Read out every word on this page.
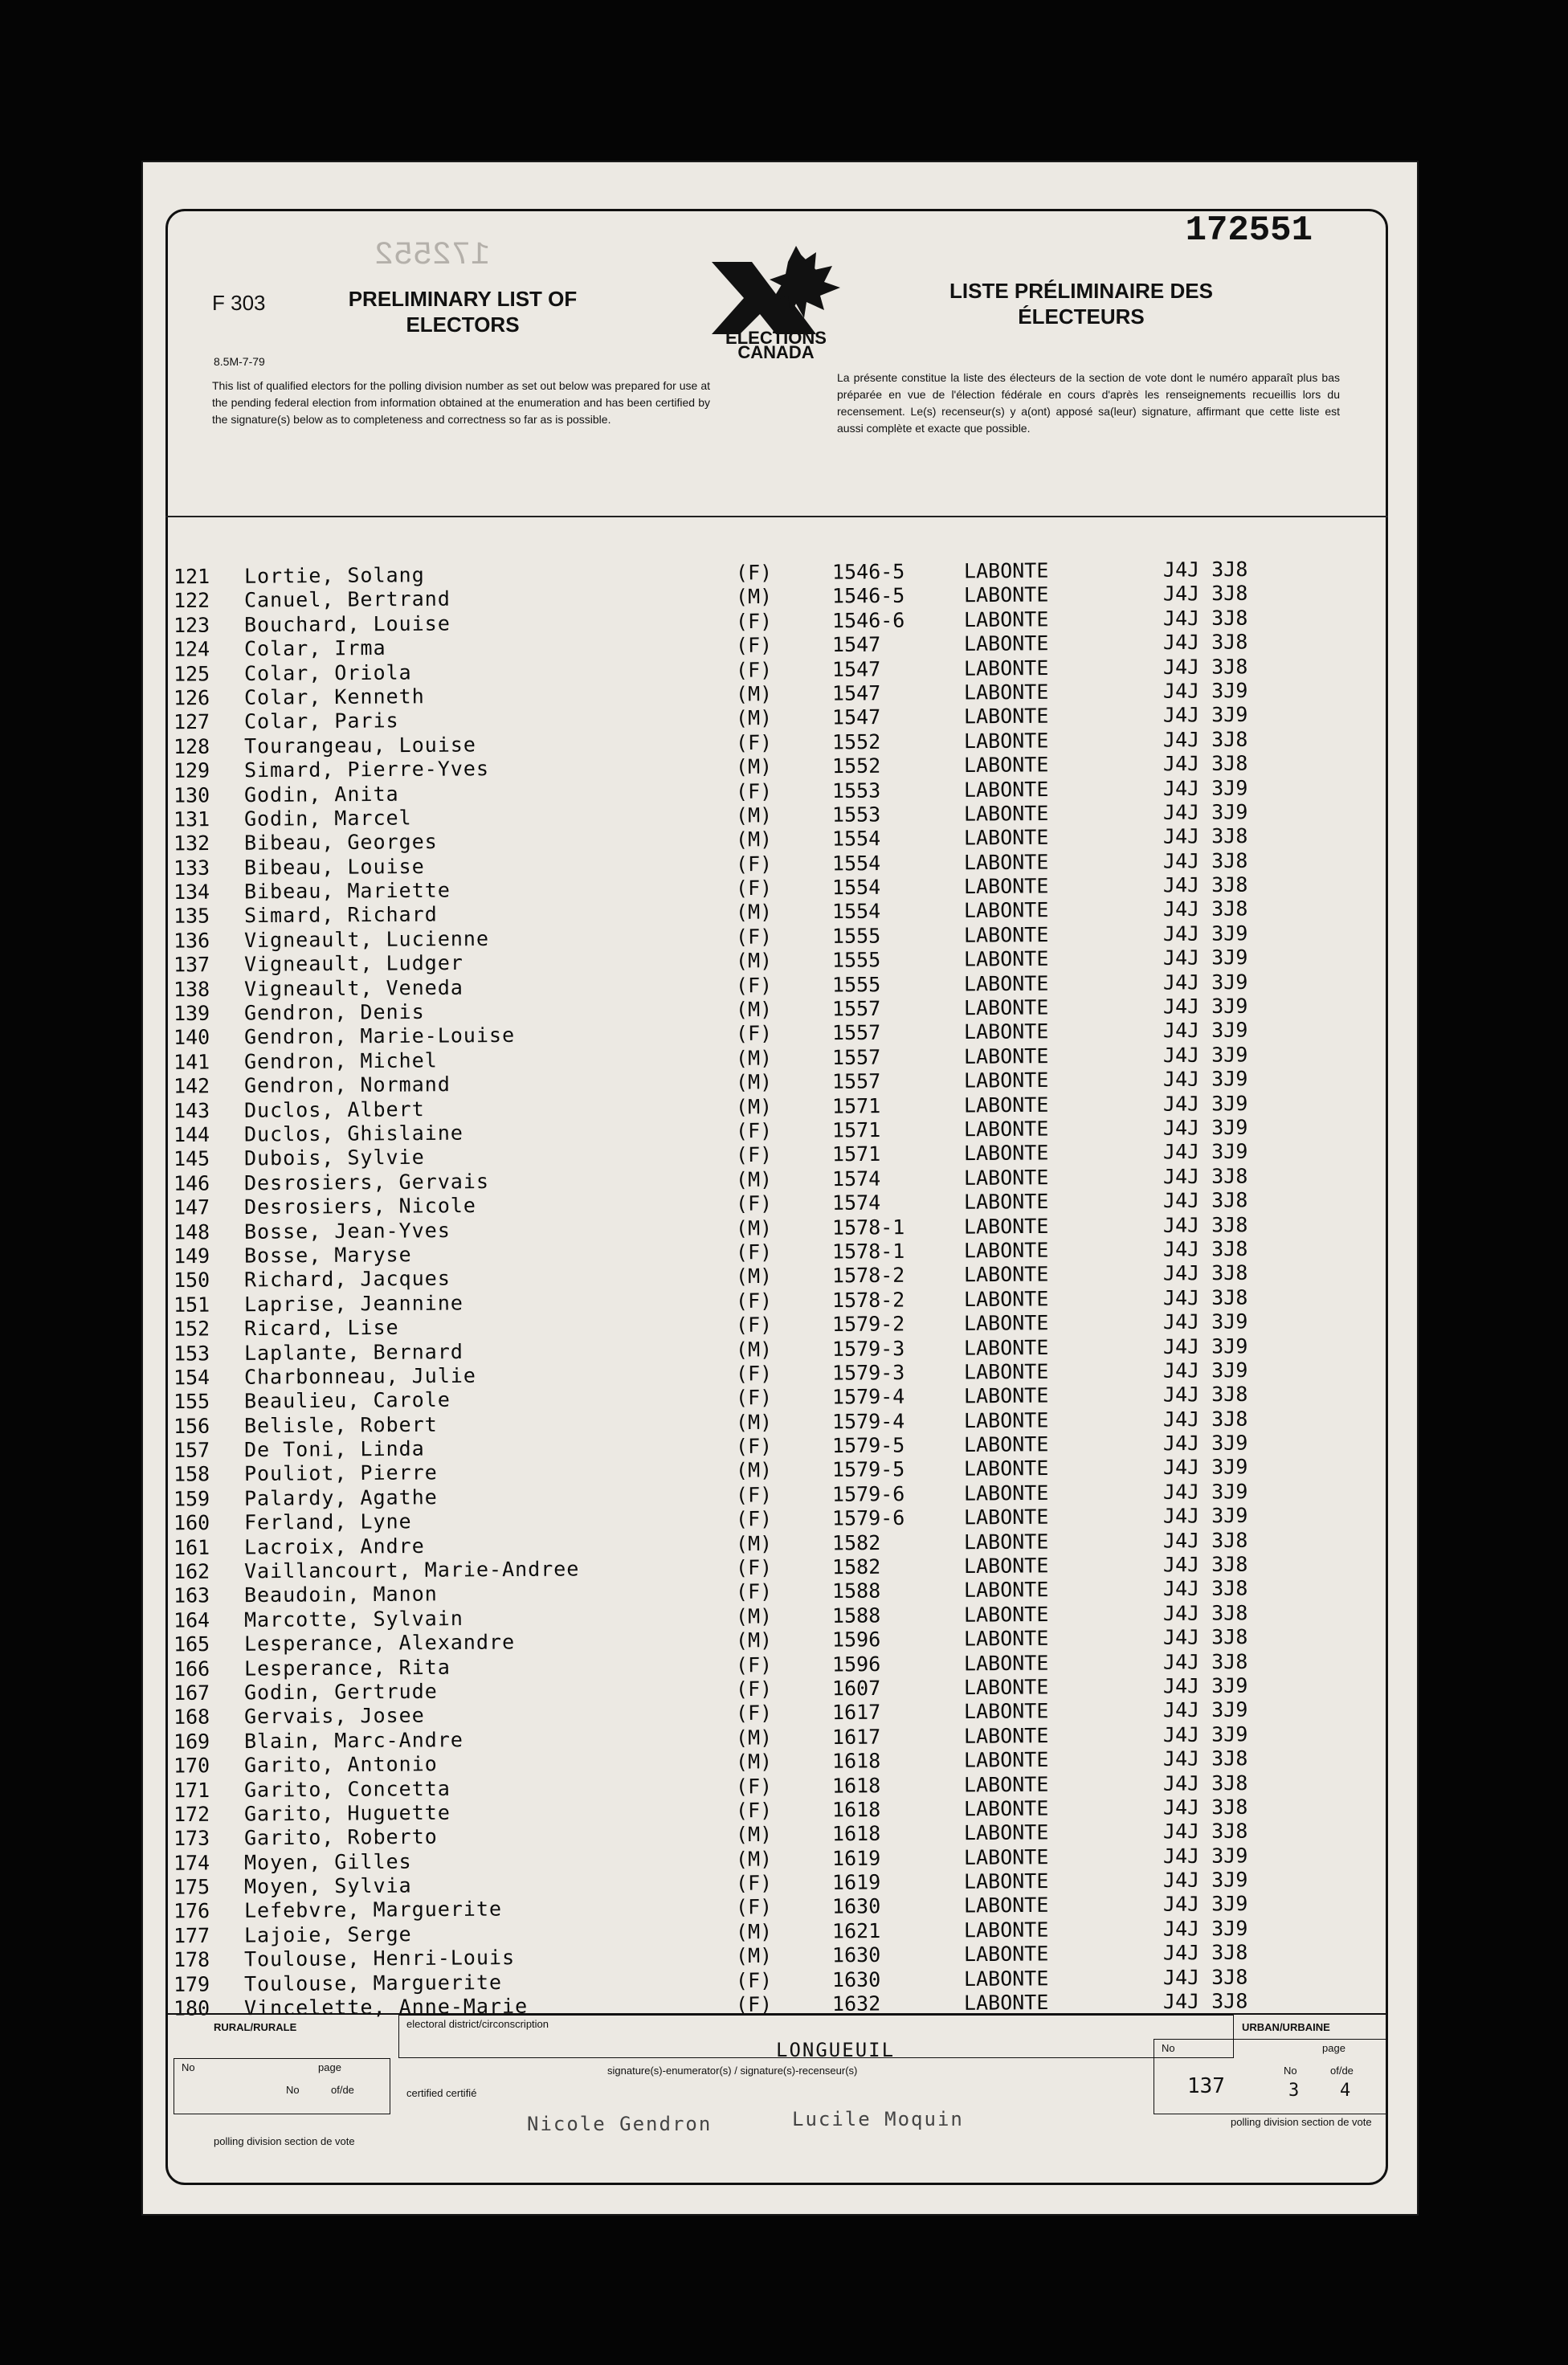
172552
172551
F 303
8.5M-7-79
PRELIMINARY LIST OF
ELECTORS
ELECTIONS
CANADA
LISTE PRÉLIMINAIRE DES
ÉLECTEURS
This list of qualified electors for the polling division number as set out below was prepared for use at the pending federal election from information obtained at the enumeration and has been certified by the signature(s) below as to completeness and correctness so far as is possible.
La présente constitue la liste des électeurs de la section de vote dont le numéro apparaît plus bas préparée en vue de l'élection fédérale en cours d'après les renseignements recueillis lors du recensement. Le(s) recenseur(s) y a(ont) apposé sa(leur) signature, affirmant que cette liste est aussi complète et exacte que possible.
121 Lortie, Solang	(F)	1546-5	LABONTE	J4J 3J8
122 Canuel, Bertrand	(M)	1546-5	LABONTE	J4J 3J8
123 Bouchard, Louise	(F)	1546-6	LABONTE	J4J 3J8
124 Colar, Irma	(F)	1547	LABONTE	J4J 3J8
125 Colar, Oriola	(F)	1547	LABONTE	J4J 3J8
126 Colar, Kenneth	(M)	1547	LABONTE	J4J 3J9
127 Colar, Paris	(M)	1547	LABONTE	J4J 3J9
128 Tourangeau, Louise	(F)	1552	LABONTE	J4J 3J8
129 Simard, Pierre-Yves	(M)	1552	LABONTE	J4J 3J8
130 Godin, Anita	(F)	1553	LABONTE	J4J 3J9
131 Godin, Marcel	(M)	1553	LABONTE	J4J 3J9
132 Bibeau, Georges	(M)	1554	LABONTE	J4J 3J8
133 Bibeau, Louise	(F)	1554	LABONTE	J4J 3J8
134 Bibeau, Mariette	(F)	1554	LABONTE	J4J 3J8
135 Simard, Richard	(M)	1554	LABONTE	J4J 3J8
136 Vigneault, Lucienne	(F)	1555	LABONTE	J4J 3J9
137 Vigneault, Ludger	(M)	1555	LABONTE	J4J 3J9
138 Vigneault, Veneda	(F)	1555	LABONTE	J4J 3J9
139 Gendron, Denis	(M)	1557	LABONTE	J4J 3J9
140 Gendron, Marie-Louise	(F)	1557	LABONTE	J4J 3J9
141 Gendron, Michel	(M)	1557	LABONTE	J4J 3J9
142 Gendron, Normand	(M)	1557	LABONTE	J4J 3J9
143 Duclos, Albert	(M)	1571	LABONTE	J4J 3J9
144 Duclos, Ghislaine	(F)	1571	LABONTE	J4J 3J9
145 Dubois, Sylvie	(F)	1571	LABONTE	J4J 3J9
146 Desrosiers, Gervais	(M)	1574	LABONTE	J4J 3J8
147 Desrosiers, Nicole	(F)	1574	LABONTE	J4J 3J8
148 Bosse, Jean-Yves	(M)	1578-1	LABONTE	J4J 3J8
149 Bosse, Maryse	(F)	1578-1	LABONTE	J4J 3J8
150 Richard, Jacques	(M)	1578-2	LABONTE	J4J 3J8
151 Laprise, Jeannine	(F)	1578-2	LABONTE	J4J 3J8
152 Ricard, Lise	(F)	1579-2	LABONTE	J4J 3J9
153 Laplante, Bernard	(M)	1579-3	LABONTE	J4J 3J9
154 Charbonneau, Julie	(F)	1579-3	LABONTE	J4J 3J9
155 Beaulieu, Carole	(F)	1579-4	LABONTE	J4J 3J8
156 Belisle, Robert	(M)	1579-4	LABONTE	J4J 3J8
157 De Toni, Linda	(F)	1579-5	LABONTE	J4J 3J9
158 Pouliot, Pierre	(M)	1579-5	LABONTE	J4J 3J9
159 Palardy, Agathe	(F)	1579-6	LABONTE	J4J 3J9
160 Ferland, Lyne	(F)	1579-6	LABONTE	J4J 3J9
161 Lacroix, Andre	(M)	1582	LABONTE	J4J 3J8
162 Vaillancourt, Marie-Andree	(F)	1582	LABONTE	J4J 3J8
163 Beaudoin, Manon	(F)	1588	LABONTE	J4J 3J8
164 Marcotte, Sylvain	(M)	1588	LABONTE	J4J 3J8
165 Lesperance, Alexandre	(M)	1596	LABONTE	J4J 3J8
166 Lesperance, Rita	(F)	1596	LABONTE	J4J 3J8
167 Godin, Gertrude	(F)	1607	LABONTE	J4J 3J9
168 Gervais, Josee	(F)	1617	LABONTE	J4J 3J9
169 Blain, Marc-Andre	(M)	1617	LABONTE	J4J 3J9
170 Garito, Antonio	(M)	1618	LABONTE	J4J 3J8
171 Garito, Concetta	(F)	1618	LABONTE	J4J 3J8
172 Garito, Huguette	(F)	1618	LABONTE	J4J 3J8
173 Garito, Roberto	(M)	1618	LABONTE	J4J 3J8
174 Moyen, Gilles	(M)	1619	LABONTE	J4J 3J9
175 Moyen, Sylvia	(F)	1619	LABONTE	J4J 3J9
176 Lefebvre, Marguerite	(F)	1630	LABONTE	J4J 3J9
177 Lajoie, Serge	(M)	1621	LABONTE	J4J 3J9
178 Toulouse, Henri-Louis	(M)	1630	LABONTE	J4J 3J8
179 Toulouse, Marguerite	(F)	1630	LABONTE	J4J 3J8
180 Vincelette, Anne-Marie	(F)	1632	LABONTE	J4J 3J8
RURAL/RURALE	electoral district/circonscription
LONGUEUIL
URBAN/URBAINE
No	page
No	of/de	certified certifié
signature(s)-enumerator(s) / signature(s)-recenseur(s)
Nicole Gendron	Lucile Moquin
polling division section de vote
No	page
137
No	of/de
3 4
polling division section de vote
